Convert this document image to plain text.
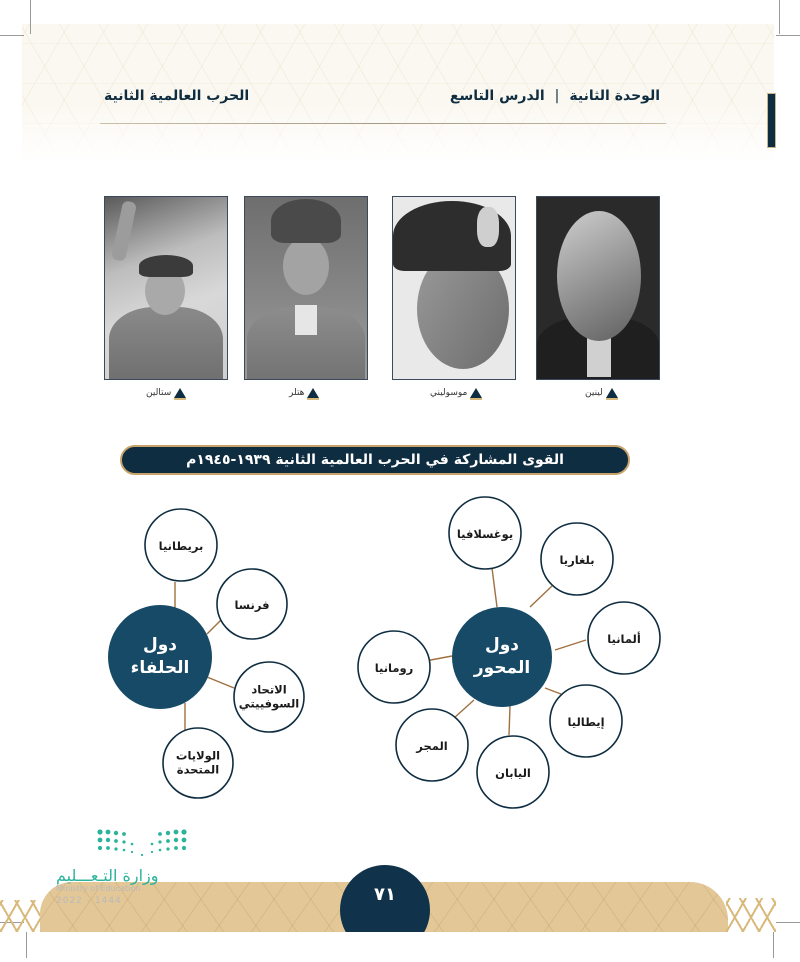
الوحدة الثانية|الدرس التاسع
الحرب العالمية الثانية
ستالين	هتلر	موسوليني	لينين
القوى المشاركة في الحرب العالمية الثانية ١٩٣٩-١٩٤٥م
دول
الحلفاء
بريطانيا
فرنسا
الاتحاد
السوفييتي
الولايات
المتحدة
دول
المحور
يوغسلافيا
بلغاريا
ألمانيا
إيطاليا
اليابان
المجر
رومانيا
٧١
وزارة التـعـــليم
Ministry of Education
2022 - 1444
